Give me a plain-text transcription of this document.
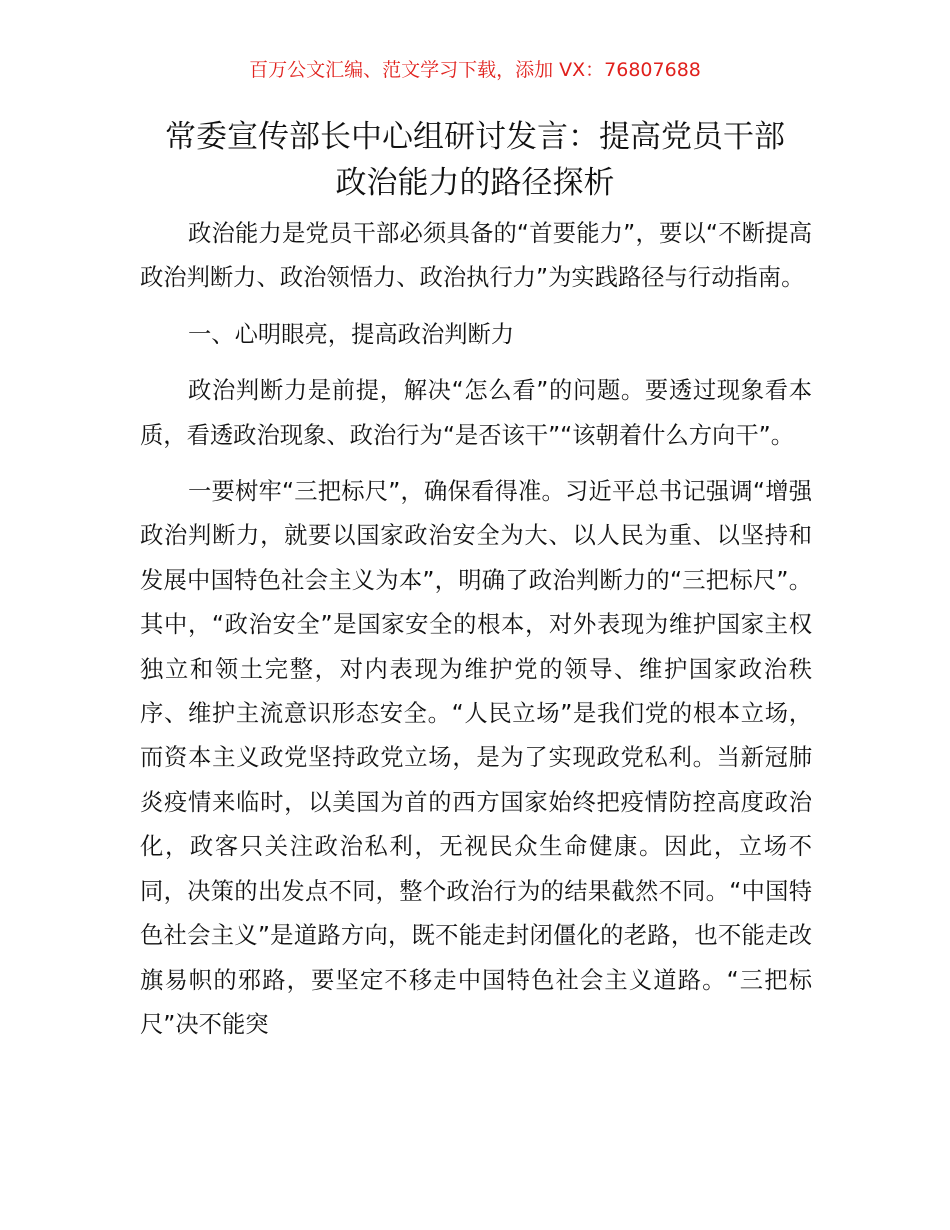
百万公文汇编、范文学习下载，添加 VX：76807688
常委宣传部长中心组研讨发言：提高党员干部
政治能力的路径探析

政治能力是党员干部必须具备的“首要能力”，要以“不断提高政治判断力、政治领悟力、政治执行力”为实践路径与行动指南。

一、心明眼亮，提高政治判断力

政治判断力是前提，解决“怎么看”的问题。要透过现象看本质，看透政治现象、政治行为“是否该干”“该朝着什么方向干”。

一要树牢“三把标尺”，确保看得准。习近平总书记强调“增强政治判断力，就要以国家政治安全为大、以人民为重、以坚持和发展中国特色社会主义为本”，明确了政治判断力的“三把标尺”。其中，“政治安全”是国家安全的根本，对外表现为维护国家主权独立和领土完整，对内表现为维护党的领导、维护国家政治秩序、维护主流意识形态安全。“人民立场”是我们党的根本立场，而资本主义政党坚持政党立场，是为了实现政党私利。当新冠肺炎疫情来临时，以美国为首的西方国家始终把疫情防控高度政治化，政客只关注政治私利，无视民众生命健康。因此，立场不同，决策的出发点不同，整个政治行为的结果截然不同。“中国特色社会主义”是道路方向，既不能走封闭僵化的老路，也不能走改旗易帜的邪路，要坚定不移走中国特色社会主义道路。“三把标尺”决不能突
